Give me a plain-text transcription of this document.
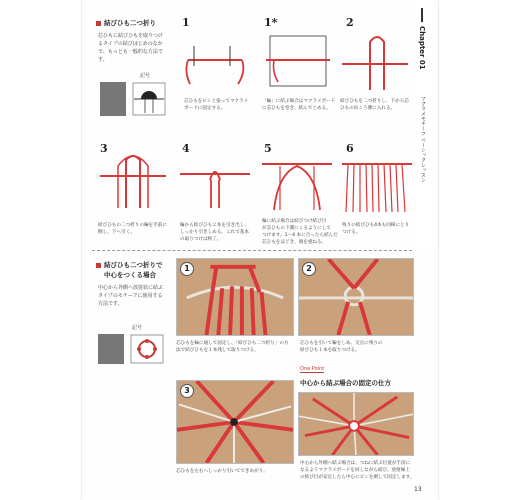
Chapter 01
マクラメモチーフ ベーシックレッスン
結びひも二つ折り
芯ひもに結びひもを取りつけ
るタイプの結びはじめのなか
で、もっとも一般的な方法で
す。
記号
1
芯ひもをピンと張ってマクラメ
ボードに固定する。
1*
「輪」に結ぶ場合はマクラメボード
に芯ひもを巻き、結んでとめる。
2
結びひもを二つ折りし、下から芯
ひもの向こう側に入れる。
3
結びひもの二つ折りの輪を手前に
倒し、下へ引く。
4
輪から結びひも２本を引き出し、
しっかり引きしめる。これで基本
の取りつけは終了。
5
輪に結ぶ場合は結びつけ結び目
が芯ひもの下側にくるようにして
つけます。1〜4 本に合ったら結んだ
芯ひもをほどき、端を重ねる。
6
残りの結びひも4本も同様にとり
つける。
結びひも二つ折りで
中心をつくる場合
中心から外側へ放射状に結ぶ
タイプのモチーフに使用する
方法です。
記号
1
芯ひもを輪に通して固定し、「結びひも二つ折り」の方
法で結びひもを１本残して取りつける。
2
芯ひもを引いて輪をしめ、交点に残りの
結びひも１本を取りつける。
3
芯ひもを左右へしっかり引いてできあがり。
One Point
中心から結ぶ場合の固定の仕方
中心から外側へ結ぶ場合は、つねに結ぶ位置が手前に
なるようマクラメボードを回しながら結び、放射線上
の結び目が安定したら中心にピンを刺して固定します。
13
